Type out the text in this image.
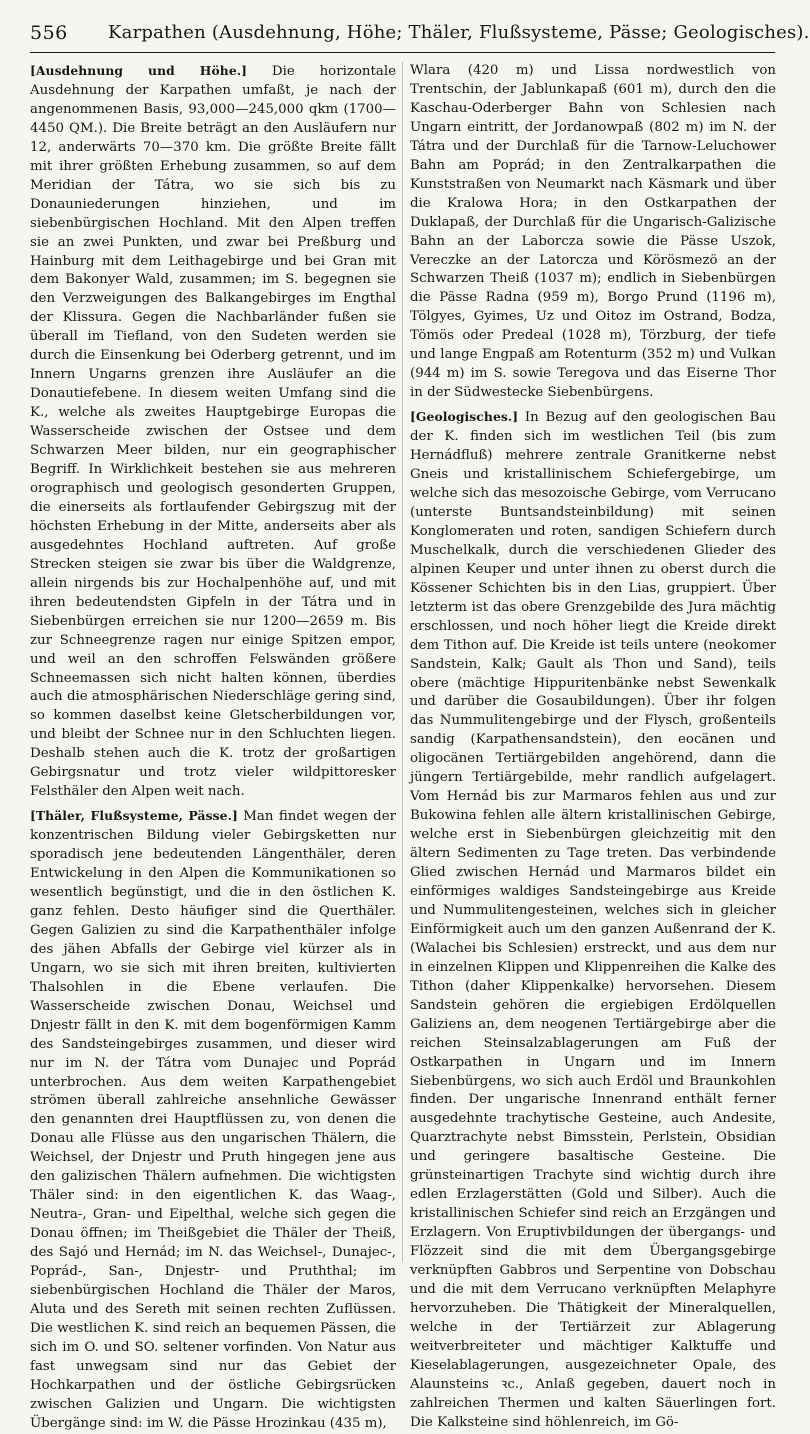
556 Karpathen (Ausdehnung, Höhe; Thäler, Flußsysteme, Pässe; Geologisches).

[Ausdehnung und Höhe.] Die horizontale Ausdehnung der Karpathen umfaßt, je nach der angenommenen Basis, 93,000—245,000 qkm (1700—4450 QM.). Die Breite beträgt an den Ausläufern nur 12, anderwärts 70—370 km. Die größte Breite fällt mit ihrer größten Erhebung zusammen, so auf dem Meridian der Tátra, wo sie sich bis zu Donauniederungen hinziehen, und im siebenbürgischen Hochland. Mit den Alpen treffen sie an zwei Punkten, und zwar bei Preßburg und Hainburg mit dem Leithagebirge und bei Gran mit dem Bakonyer Wald, zusammen; im S. begegnen sie den Verzweigungen des Balkangebirges im Engthal der Klissura. Gegen die Nachbarländer fußen sie überall im Tiefland, von den Sudeten werden sie durch die Einsenkung bei Oderberg getrennt, und im Innern Ungarns grenzen ihre Ausläufer an die Donautiefebene. In diesem weiten Umfang sind die K., welche als zweites Hauptgebirge Europas die Wasserscheide zwischen der Ostsee und dem Schwarzen Meer bilden, nur ein geographischer Begriff. In Wirklichkeit bestehen sie aus mehreren orographisch und geologisch gesonderten Gruppen, die einerseits als fortlaufender Gebirgszug mit der höchsten Erhebung in der Mitte, anderseits aber als ausgedehntes Hochland auftreten. Auf große Strecken steigen sie zwar bis über die Waldgrenze, allein nirgends bis zur Hochalpenhöhe auf, und mit ihren bedeutendsten Gipfeln in der Tátra und in Siebenbürgen erreichen sie nur 1200—2659 m. Bis zur Schneegrenze ragen nur einige Spitzen empor, und weil an den schroffen Felswänden größere Schneemassen sich nicht halten können, überdies auch die atmosphärischen Niederschläge gering sind, so kommen daselbst keine Gletscherbildungen vor, und bleibt der Schnee nur in den Schluchten liegen. Deshalb stehen auch die K. trotz der großartigen Gebirgsnatur und trotz vieler wildpittoresker Felsthäler den Alpen weit nach.

[Thäler, Flußsysteme, Pässe.] Man findet wegen der konzentrischen Bildung vieler Gebirgsketten nur sporadisch jene bedeutenden Längenthäler, deren Entwickelung in den Alpen die Kommunikationen so wesentlich begünstigt, und die in den östlichen K. ganz fehlen. Desto häufiger sind die Querthäler. Gegen Galizien zu sind die Karpathenthäler infolge des jähen Abfalls der Gebirge viel kürzer als in Ungarn, wo sie sich mit ihren breiten, kultivierten Thalsohlen in die Ebene verlaufen. Die Wasserscheide zwischen Donau, Weichsel und Dnjestr fällt in den K. mit dem bogenförmigen Kamm des Sandsteingebirges zusammen, und dieser wird nur im N. der Tátra vom Dunajec und Poprád unterbrochen. Aus dem weiten Karpathengebiet strömen überall zahlreiche ansehnliche Gewässer den genannten drei Hauptflüssen zu, von denen die Donau alle Flüsse aus den ungarischen Thälern, die Weichsel, der Dnjestr und Pruth hingegen jene aus den galizischen Thälern aufnehmen. Die wichtigsten Thäler sind: in den eigentlichen K. das Waag-, Neutra-, Gran- und Eipelthal, welche sich gegen die Donau öffnen; im Theißgebiet die Thäler der Theiß, des Sajó und Hernád; im N. das Weichsel-, Dunajec-, Poprád-, San-, Dnjestr- und Pruththal; im siebenbürgischen Hochland die Thäler der Maros, Aluta und des Sereth mit seinen rechten Zuflüssen. Die westlichen K. sind reich an bequemen Pässen, die sich im O. und SO. seltener vorfinden. Von Natur aus fast unwegsam sind nur das Gebiet der Hochkarpathen und der östliche Gebirgsrücken zwischen Galizien und Ungarn. Die wichtigsten Übergänge sind: im W. die Pässe Hrozinkau (435 m),

Wlara (420 m) und Lissa nordwestlich von Trentschin, der Jablunkapaß (601 m), durch den die Kaschau-Oderberger Bahn von Schlesien nach Ungarn eintritt, der Jordanowpaß (802 m) im N. der Tátra und der Durchlaß für die Tarnow-Leluchower Bahn am Poprád; in den Zentralkarpathen die Kunststraßen von Neumarkt nach Käsmark und über die Kralowa Hora; in den Ostkarpathen der Duklapaß, der Durchlaß für die Ungarisch-Galizische Bahn an der Laborcza sowie die Pässe Uszok, Vereczke an der Latorcza und Körösmezö an der Schwarzen Theiß (1037 m); endlich in Siebenbürgen die Pässe Radna (959 m), Borgo Prund (1196 m), Tölgyes, Gyimes, Uz und Oitoz im Ostrand, Bodza, Tömös oder Predeal (1028 m), Törzburg, der tiefe und lange Engpaß am Rotenturm (352 m) und Vulkan (944 m) im S. sowie Teregova und das Eiserne Thor in der Südwestecke Siebenbürgens.

[Geologisches.] In Bezug auf den geologischen Bau der K. finden sich im westlichen Teil (bis zum Hernádfluß) mehrere zentrale Granitkerne nebst Gneis und kristallinischem Schiefergebirge, um welche sich das mesozoische Gebirge, vom Verrucano (unterste Buntsandsteinbildung) mit seinen Konglomeraten und roten, sandigen Schiefern durch Muschelkalk, durch die verschiedenen Glieder des alpinen Keuper und unter ihnen zu oberst durch die Kössener Schichten bis in den Lias, gruppiert. Über letzterm ist das obere Grenzgebilde des Jura mächtig erschlossen, und noch höher liegt die Kreide direkt dem Tithon auf. Die Kreide ist teils untere (neokomer Sandstein, Kalk; Gault als Thon und Sand), teils obere (mächtige Hippuritenbänke nebst Sewenkalk und darüber die Gosaubildungen). Über ihr folgen das Nummulitengebirge und der Flysch, großenteils sandig (Karpathensandstein), den eocänen und oligocänen Tertiärgebilden angehörend, dann die jüngern Tertiärgebilde, mehr randlich aufgelagert. Vom Hernád bis zur Marmaros fehlen aus und zur Bukowina fehlen alle ältern kristallinischen Gebirge, welche erst in Siebenbürgen gleichzeitig mit den ältern Sedimenten zu Tage treten. Das verbindende Glied zwischen Hernád und Marmaros bildet ein einförmiges waldiges Sandsteingebirge aus Kreide und Nummulitengesteinen, welches sich in gleicher Einförmigkeit auch um den ganzen Außenrand der K. (Walachei bis Schlesien) erstreckt, und aus dem nur in einzelnen Klippen und Klippenreihen die Kalke des Tithon (daher Klippenkalke) hervorsehen. Diesem Sandstein gehören die ergiebigen Erdölquellen Galiziens an, dem neogenen Tertiärgebirge aber die reichen Steinsalzablagerungen am Fuß der Ostkarpathen in Ungarn und im Innern Siebenbürgens, wo sich auch Erdöl und Braunkohlen finden. Der ungarische Innenrand enthält ferner ausgedehnte trachytische Gesteine, auch Andesite, Quarztrachyte nebst Bimsstein, Perlstein, Obsidian und geringere basaltische Gesteine. Die grünsteinartigen Trachyte sind wichtig durch ihre edlen Erzlagerstätten (Gold und Silber). Auch die kristallinischen Schiefer sind reich an Erzgängen und Erzlagern. Von Eruptivbildungen der übergangs- und Flözzeit sind die mit dem Übergangsgebirge verknüpften Gabbros und Serpentine von Dobschau und die mit dem Verrucano verknüpften Melaphyre hervorzuheben. Die Thätigkeit der Mineralquellen, welche in der Tertiärzeit zur Ablagerung weitverbreiteter und mächtiger Kalktuffe und Kieselablagerungen, ausgezeichneter Opale, des Alaunsteins ꝛc., Anlaß gegeben, dauert noch in zahlreichen Thermen und kalten Säuerlingen fort. Die Kalksteine sind höhlenreich, im Gö-
